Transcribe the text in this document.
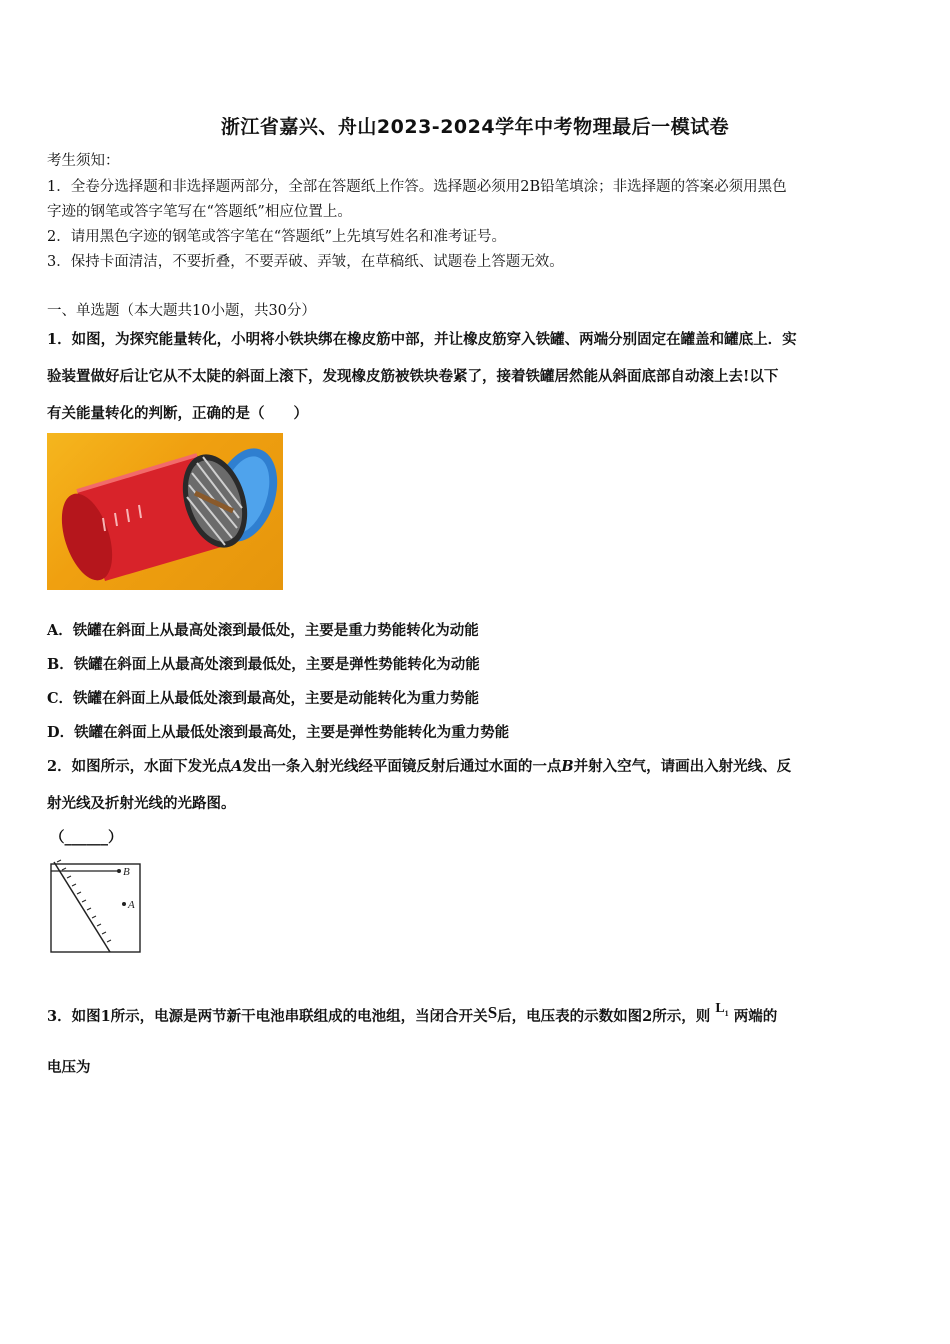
浙江省嘉兴、舟山2023-2024学年中考物理最后一模试卷
考生须知：
1．全卷分选择题和非选择题两部分，全部在答题纸上作答。选择题必须用2B铅笔填涂；非选择题的答案必须用黑色
字迹的钢笔或答字笔写在“答题纸”相应位置上。
2．请用黑色字迹的钢笔或答字笔在“答题纸”上先填写姓名和准考证号。
3．保持卡面清洁，不要折叠，不要弄破、弄皱，在草稿纸、试题卷上答题无效。
一、单选题（本大题共10小题，共30分）
1．如图，为探究能量转化，小明将小铁块绑在橡皮筋中部，并让橡皮筋穿入铁罐、两端分别固定在罐盖和罐底上．实
验装置做好后让它从不太陡的斜面上滚下，发现橡皮筋被铁块卷紧了，接着铁罐居然能从斜面底部自动滚上去!以下
有关能量转化的判断，正确的是（　　）
A．铁罐在斜面上从最高处滚到最低处，主要是重力势能转化为动能
B．铁罐在斜面上从最高处滚到最低处，主要是弹性势能转化为动能
C．铁罐在斜面上从最低处滚到最高处，主要是动能转化为重力势能
D．铁罐在斜面上从最低处滚到最高处，主要是弹性势能转化为重力势能
2．如图所示，水面下发光点A发出一条入射光线经平面镜反射后通过水面的一点B并射入空气，请画出入射光线、反
射光线及折射光线的光路图。
（______）
B
A
3．如图1所示，电源是两节新干电池串联组成的电池组，当闭合开关S后，电压表的示数如图2所示，则 $L_1$ 两端的
电压为
